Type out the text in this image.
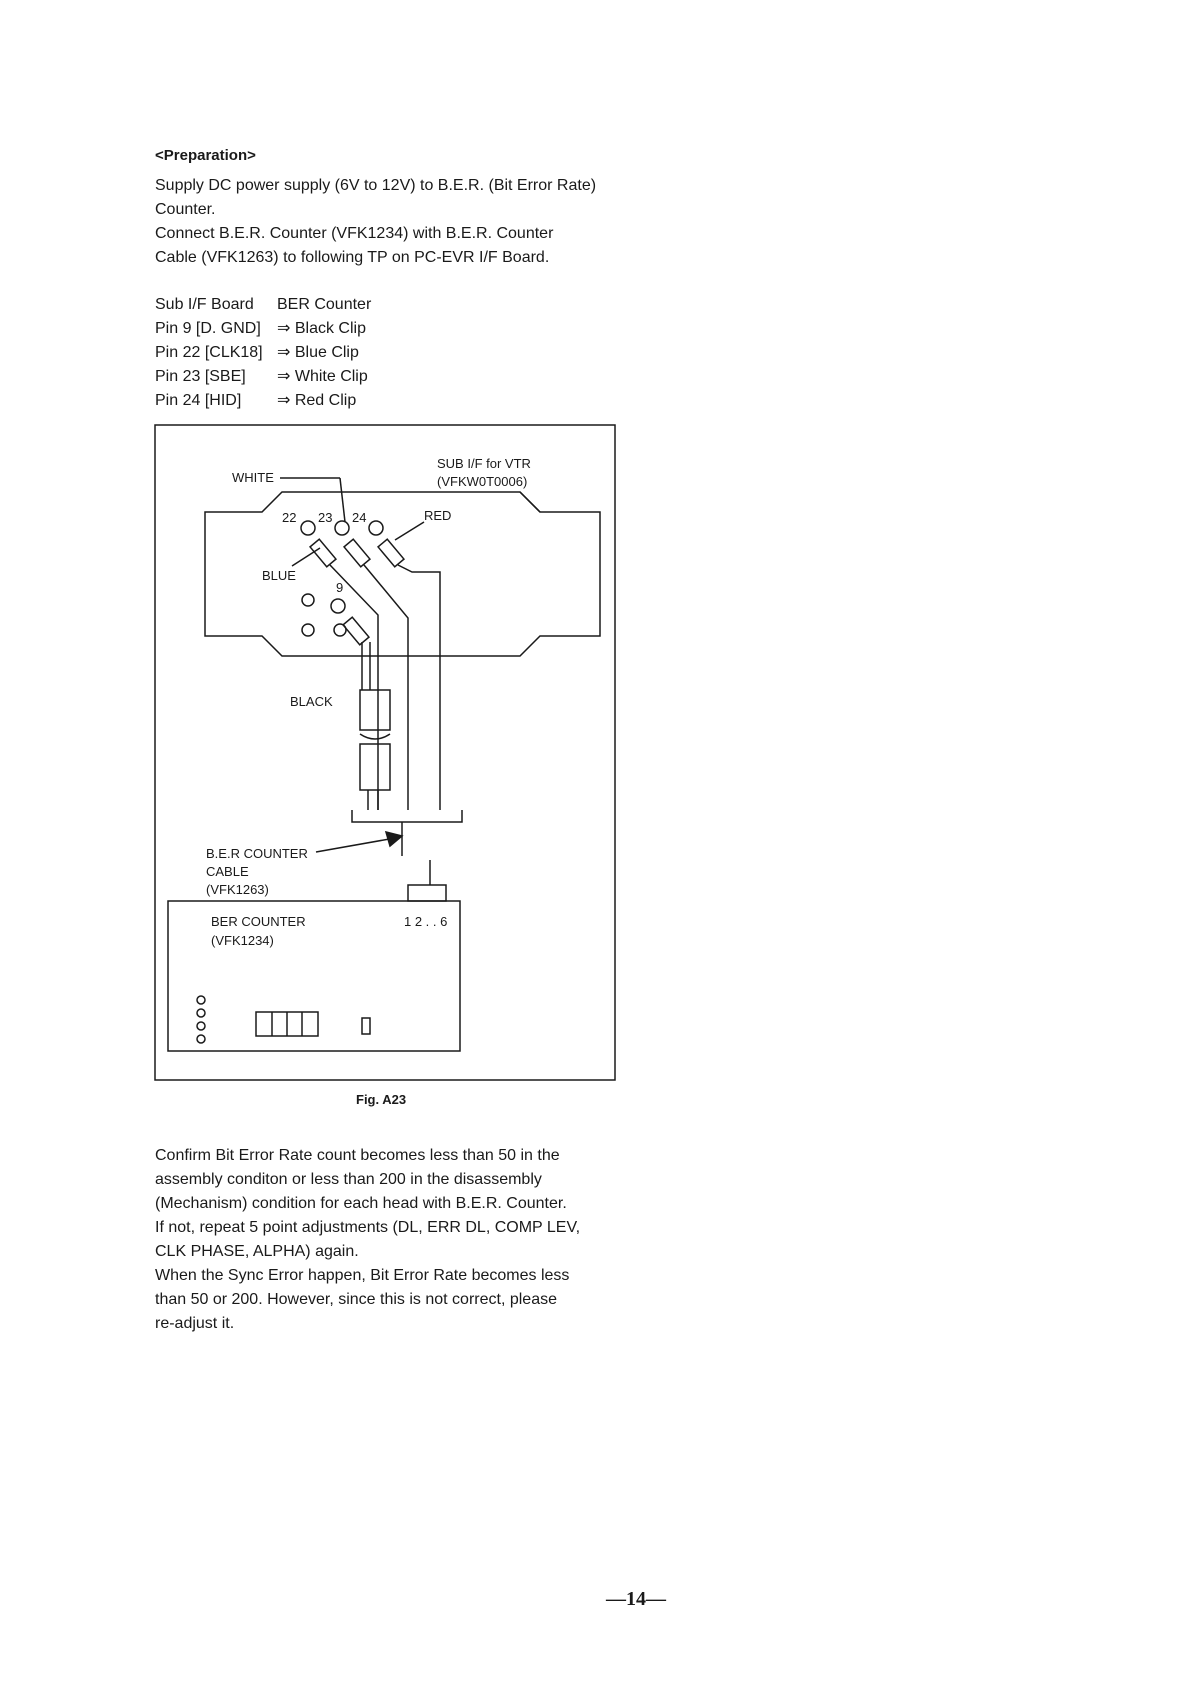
<Preparation>
Supply DC power supply (6V to 12V) to B.E.R. (Bit Error Rate)
Counter.
Connect B.E.R. Counter (VFK1234) with B.E.R. Counter
Cable (VFK1263) to following TP on PC-EVR I/F Board.
Sub I/F Board BER Counter
Pin 9 [D. GND] ⇒ Black Clip
Pin 22 [CLK18] ⇒ Blue Clip
Pin 23 [SBE] ⇒ White Clip
Pin 24 [HID] ⇒ Red Clip
SUB I/F for VTR
(VFKW0T0006)
WHITE
RED
BLUE
BLACK
22 23 24
9
B.E.R COUNTER
CABLE
(VFK1263)
BER COUNTER
(VFK1234)
1 2 . . 6
Fig. A23
Confirm Bit Error Rate count becomes less than 50 in the
assembly conditon or less than 200 in the disassembly
(Mechanism) condition for each head with B.E.R. Counter.
If not, repeat 5 point adjustments (DL, ERR DL, COMP LEV,
CLK PHASE, ALPHA) again.
When the Sync Error happen, Bit Error Rate becomes less
than 50 or 200. However, since this is not correct, please
re-adjust it.
—14—
